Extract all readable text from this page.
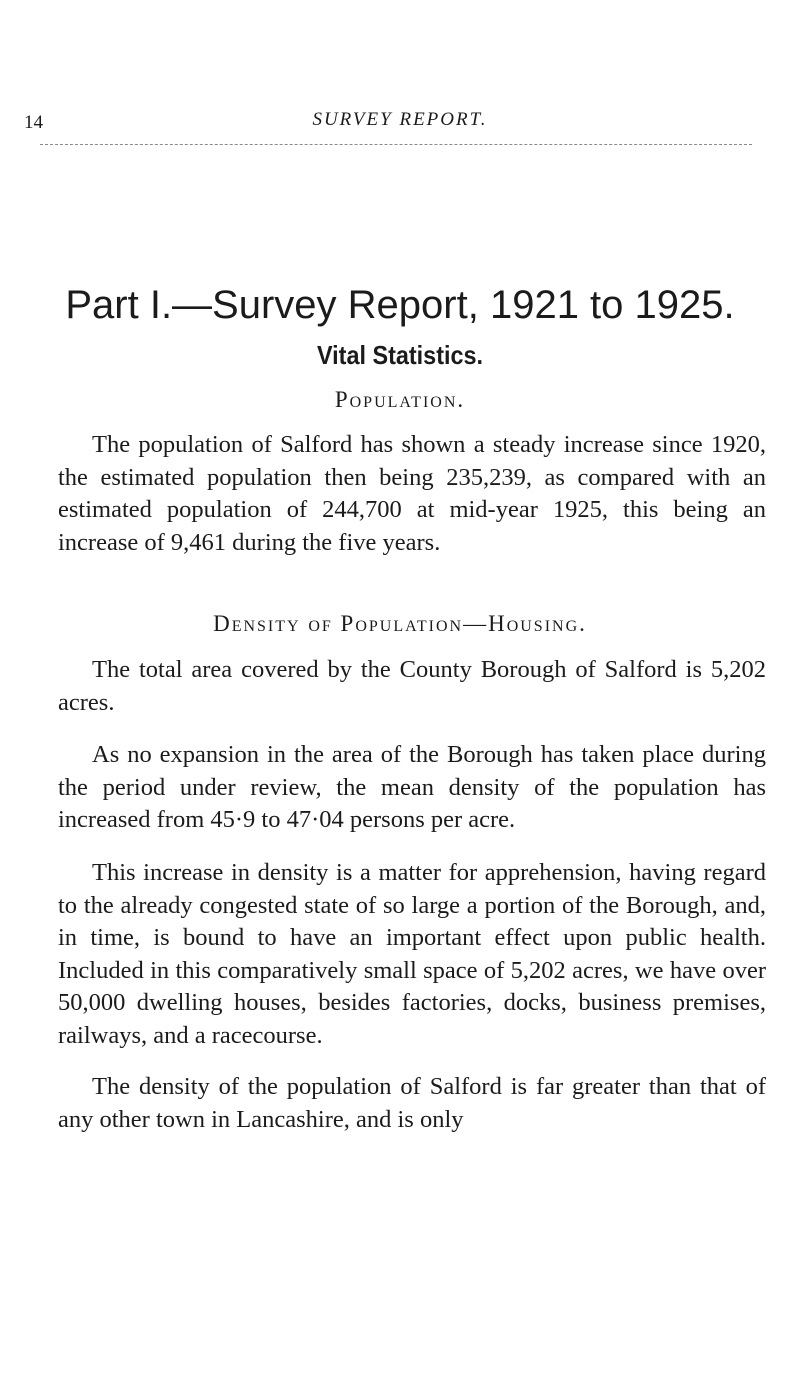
14	SURVEY REPORT.
Part I.—Survey Report, 1921 to 1925.
Vital Statistics.
Population.

The population of Salford has shown a steady increase since 1920, the estimated population then being 235,239, as compared with an estimated population of 244,700 at mid-year 1925, this being an increase of 9,461 during the five years.

Density of Population—Housing.

The total area covered by the County Borough of Salford is 5,202 acres.

As no expansion in the area of the Borough has taken place during the period under review, the mean density of the population has increased from 45·9 to 47·04 persons per acre.

This increase in density is a matter for apprehension, having regard to the already congested state of so large a portion of the Borough, and, in time, is bound to have an important effect upon public health. Included in this comparatively small space of 5,202 acres, we have over 50,000 dwelling houses, besides factories, docks, business premises, railways, and a racecourse.

The density of the population of Salford is far greater than that of any other town in Lancashire, and is only
